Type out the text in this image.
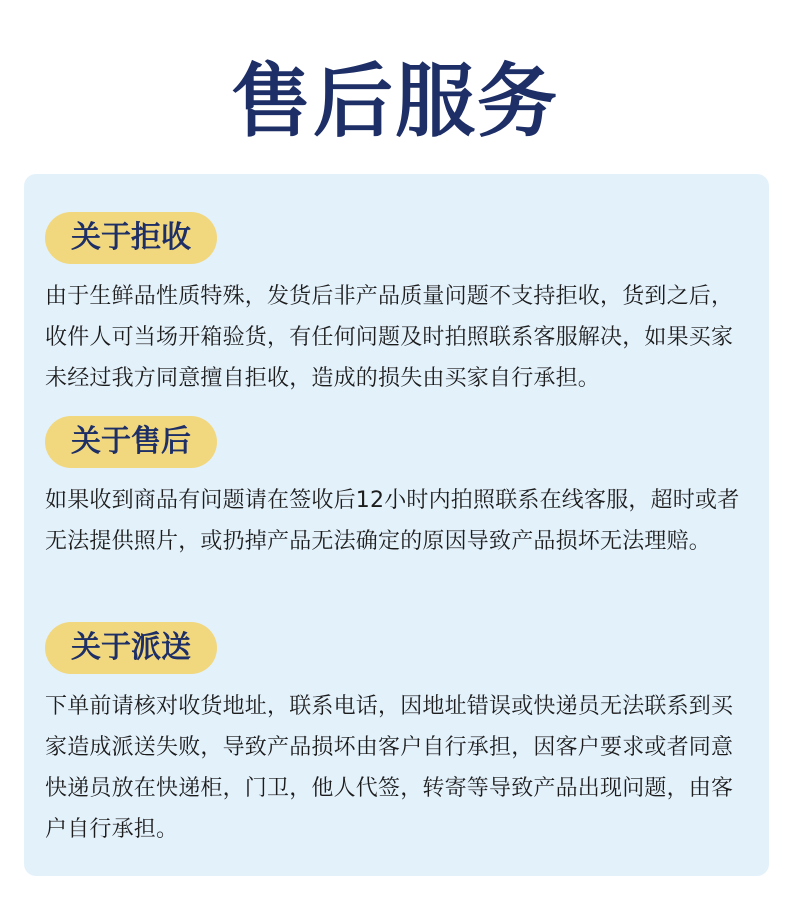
售后服务
关于拒收
由于生鲜品性质特殊，发货后非产品质量问题不支持拒收，货到之后，收件人可当场开箱验货，有任何问题及时拍照联系客服解决，如果买家未经过我方同意擅自拒收，造成的损失由买家自行承担。
关于售后
如果收到商品有问题请在签收后12小时内拍照联系在线客服，超时或者无法提供照片，或扔掉产品无法确定的原因导致产品损坏无法理赔。
关于派送
下单前请核对收货地址，联系电话，因地址错误或快递员无法联系到买家造成派送失败，导致产品损坏由客户自行承担，因客户要求或者同意快递员放在快递柜，门卫，他人代签，转寄等导致产品出现问题，由客户自行承担。
